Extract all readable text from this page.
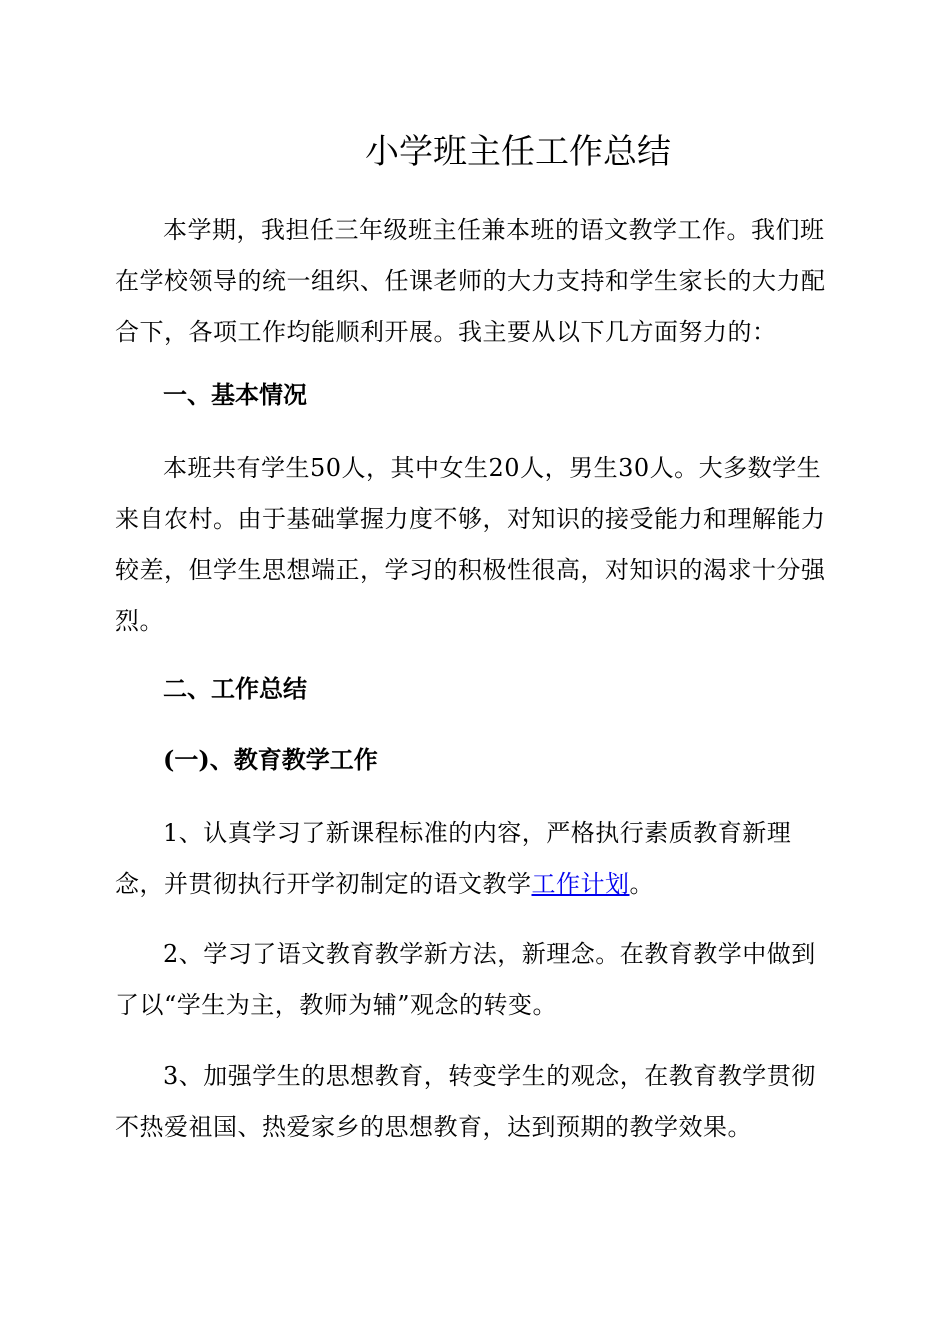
小学班主任工作总结

本学期，我担任三年级班主任兼本班的语文教学工作。我们班在学校领导的统一组织、任课老师的大力支持和学生家长的大力配合下，各项工作均能顺利开展。我主要从以下几方面努力的：

一、基本情况

本班共有学生50人，其中女生20人，男生30人。大多数学生来自农村。由于基础掌握力度不够，对知识的接受能力和理解能力较差，但学生思想端正，学习的积极性很高，对知识的渴求十分强烈。

二、工作总结
(一)、教育教学工作

1、认真学习了新课程标准的内容，严格执行素质教育新理念，并贯彻执行开学初制定的语文教学工作计划。

2、学习了语文教育教学新方法，新理念。在教育教学中做到了以“学生为主，教师为辅”观念的转变。

3、加强学生的思想教育，转变学生的观念，在教育教学贯彻不热爱祖国、热爱家乡的思想教育，达到预期的教学效果。
